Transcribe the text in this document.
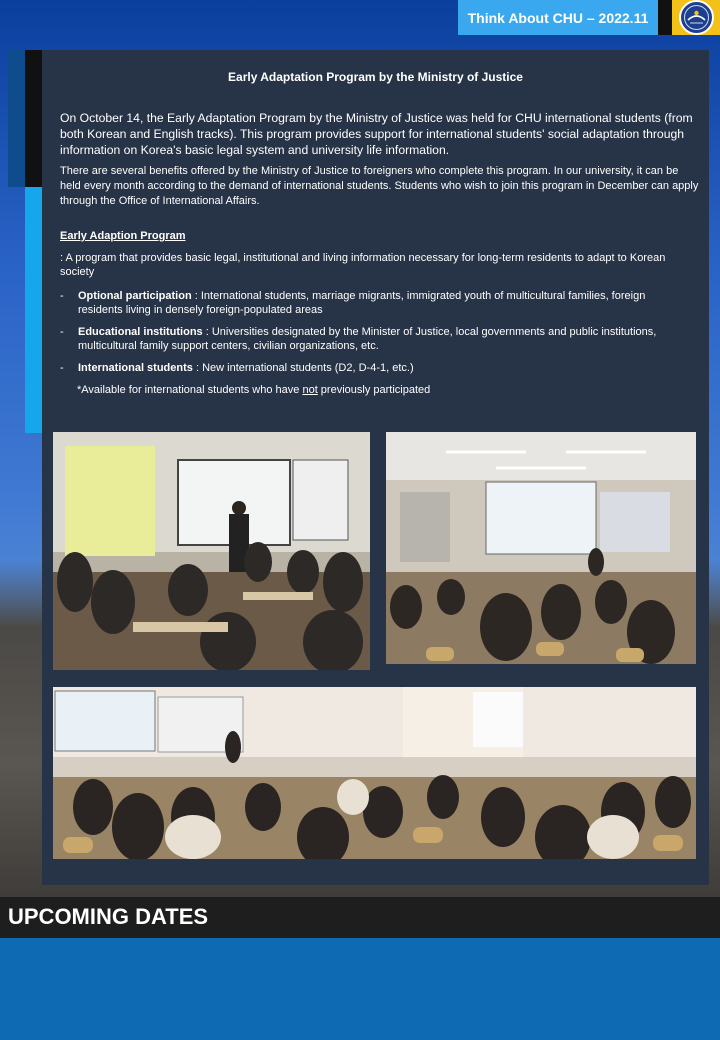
Think About CHU – 2022.11
Early Adaptation Program by the Ministry of Justice
On October 14, the Early Adaptation Program by the Ministry of Justice was held for CHU international students (from both Korean and English tracks). This program provides support for international students' social adaptation through information on Korea's basic legal system and university life information.
There are several benefits offered by the Ministry of Justice to foreigners who complete this program. In our university, it can be held every month according to the demand of international students. Students who wish to join this program in December can apply through the Office of International Affairs.
Early Adaption Program
: A program that provides basic legal, institutional and living information necessary for long-term residents to adapt to Korean society
- Optional participation : International students, marriage migrants, immigrated youth of multicultural families, foreign residents living in densely foreign-populated areas
- Educational institutions : Universities designated by the Minister of Justice, local governments and public institutions, multicultural family support centers, civilian organizations, etc.
- International students : New international students (D2, D-4-1, etc.)
*Available for international students who have not previously participated
UPCOMING DATES
